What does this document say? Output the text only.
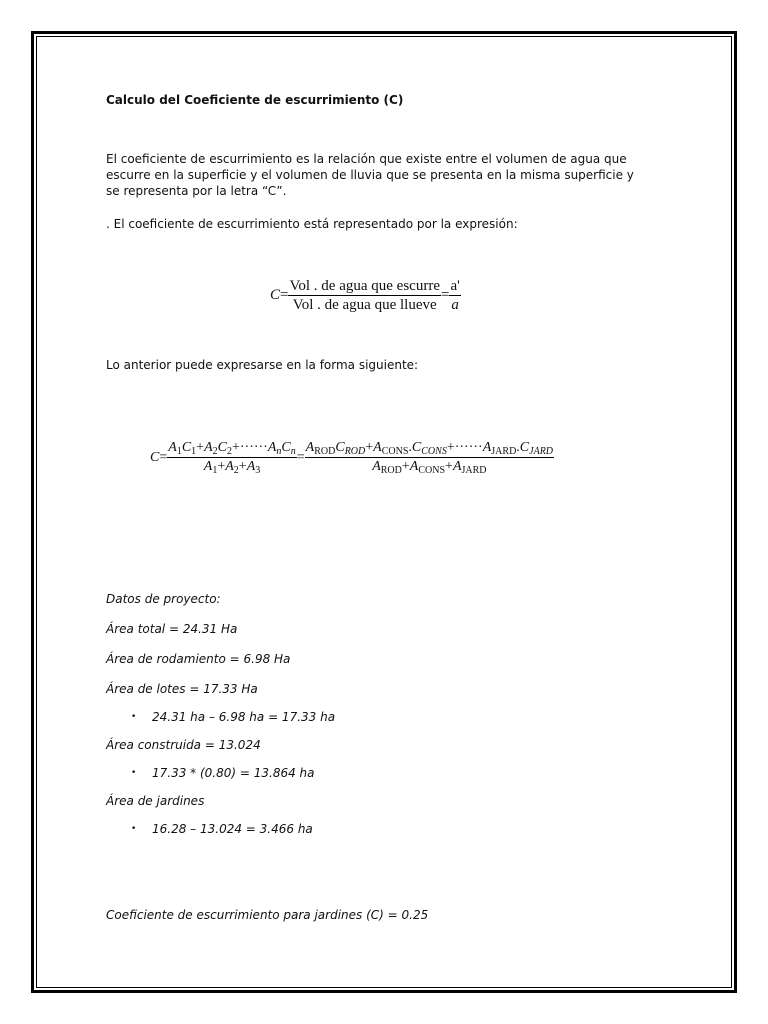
Calculo del Coeficiente de escurrimiento (C)
El coeficiente de escurrimiento es la relación que existe entre el volumen de agua que
escurre en la superficie y el volumen de lluvia que se presenta en la misma superficie y
se representa por la letra “C”.
. El coeficiente de escurrimiento está representado por la expresión:
$C = \frac{\text{Vol . de agua que escurre}}{\text{Vol . de agua que llueve}} = \frac{a'}{a}$
Lo anterior puede expresarse en la forma siguiente:
$C = \frac{A_1C_1+A_2C_2+\cdot\cdot\cdot\cdot\cdot\cdot A_nC_n}{A_1+A_2+A_3} = \frac{A_{ROD}C_{ROD}+A_{CONS}.C_{CONS}+\cdot\cdot\cdot\cdot\cdot\cdot A_{JARD}.C_{JARD}}{A_{ROD}+A_{CONS}+A_{JARD}}$
Datos de proyecto:
Área total = 24.31 Ha
Área de rodamiento = 6.98 Ha
Área de lotes = 17.33 Ha
• 24.31 ha – 6.98 ha = 17.33 ha
Área construida = 13.024
• 17.33 * (0.80) = 13.864 ha
Área de jardines
• 16.28 – 13.024 = 3.466 ha
Coeficiente de escurrimiento para jardines (C) = 0.25
